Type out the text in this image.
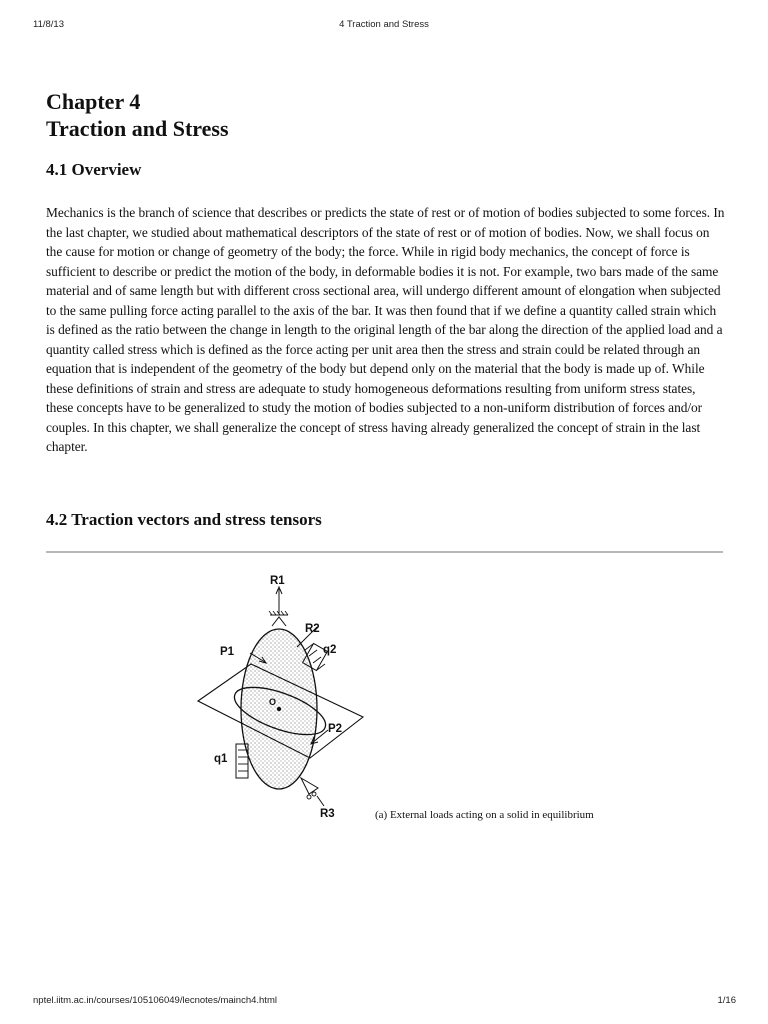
11/8/13	4 Traction and Stress
Chapter 4
Traction and Stress
4.1 Overview

Mechanics is the branch of science that describes or predicts the state of rest or of motion of bodies subjected to some forces. In the last chapter, we studied about mathematical descriptors of the state of rest or of motion of bodies. Now, we shall focus on the cause for motion or change of geometry of the body; the force. While in rigid body mechanics, the concept of force is sufficient to describe or predict the motion of the body, in deformable bodies it is not. For example, two bars made of the same material and of same length but with different cross sectional area, will undergo different amount of elongation when subjected to the same pulling force acting parallel to the axis of the bar. It was then found that if we define a quantity called strain which is defined as the ratio between the change in length to the original length of the bar along the direction of the applied load and a quantity called stress which is defined as the force acting per unit area then the stress and strain could be related through an equation that is independent of the geometry of the body but depend only on the material that the body is made up of. While these definitions of strain and stress are adequate to study homogeneous deformations resulting from uniform stress states, these concepts have to be generalized to study the motion of bodies subjected to a non-uniform distribution of forces and/or couples. In this chapter, we shall generalize the concept of stress having already generalized the concept of strain in the last chapter.

4.2 Traction vectors and stress tensors
O
R1
R2
q2
P1
P2
q1
R3	(a) External loads acting on a solid in equilibrium
nptel.iitm.ac.in/courses/105106049/lecnotes/mainch4.html	1/16
